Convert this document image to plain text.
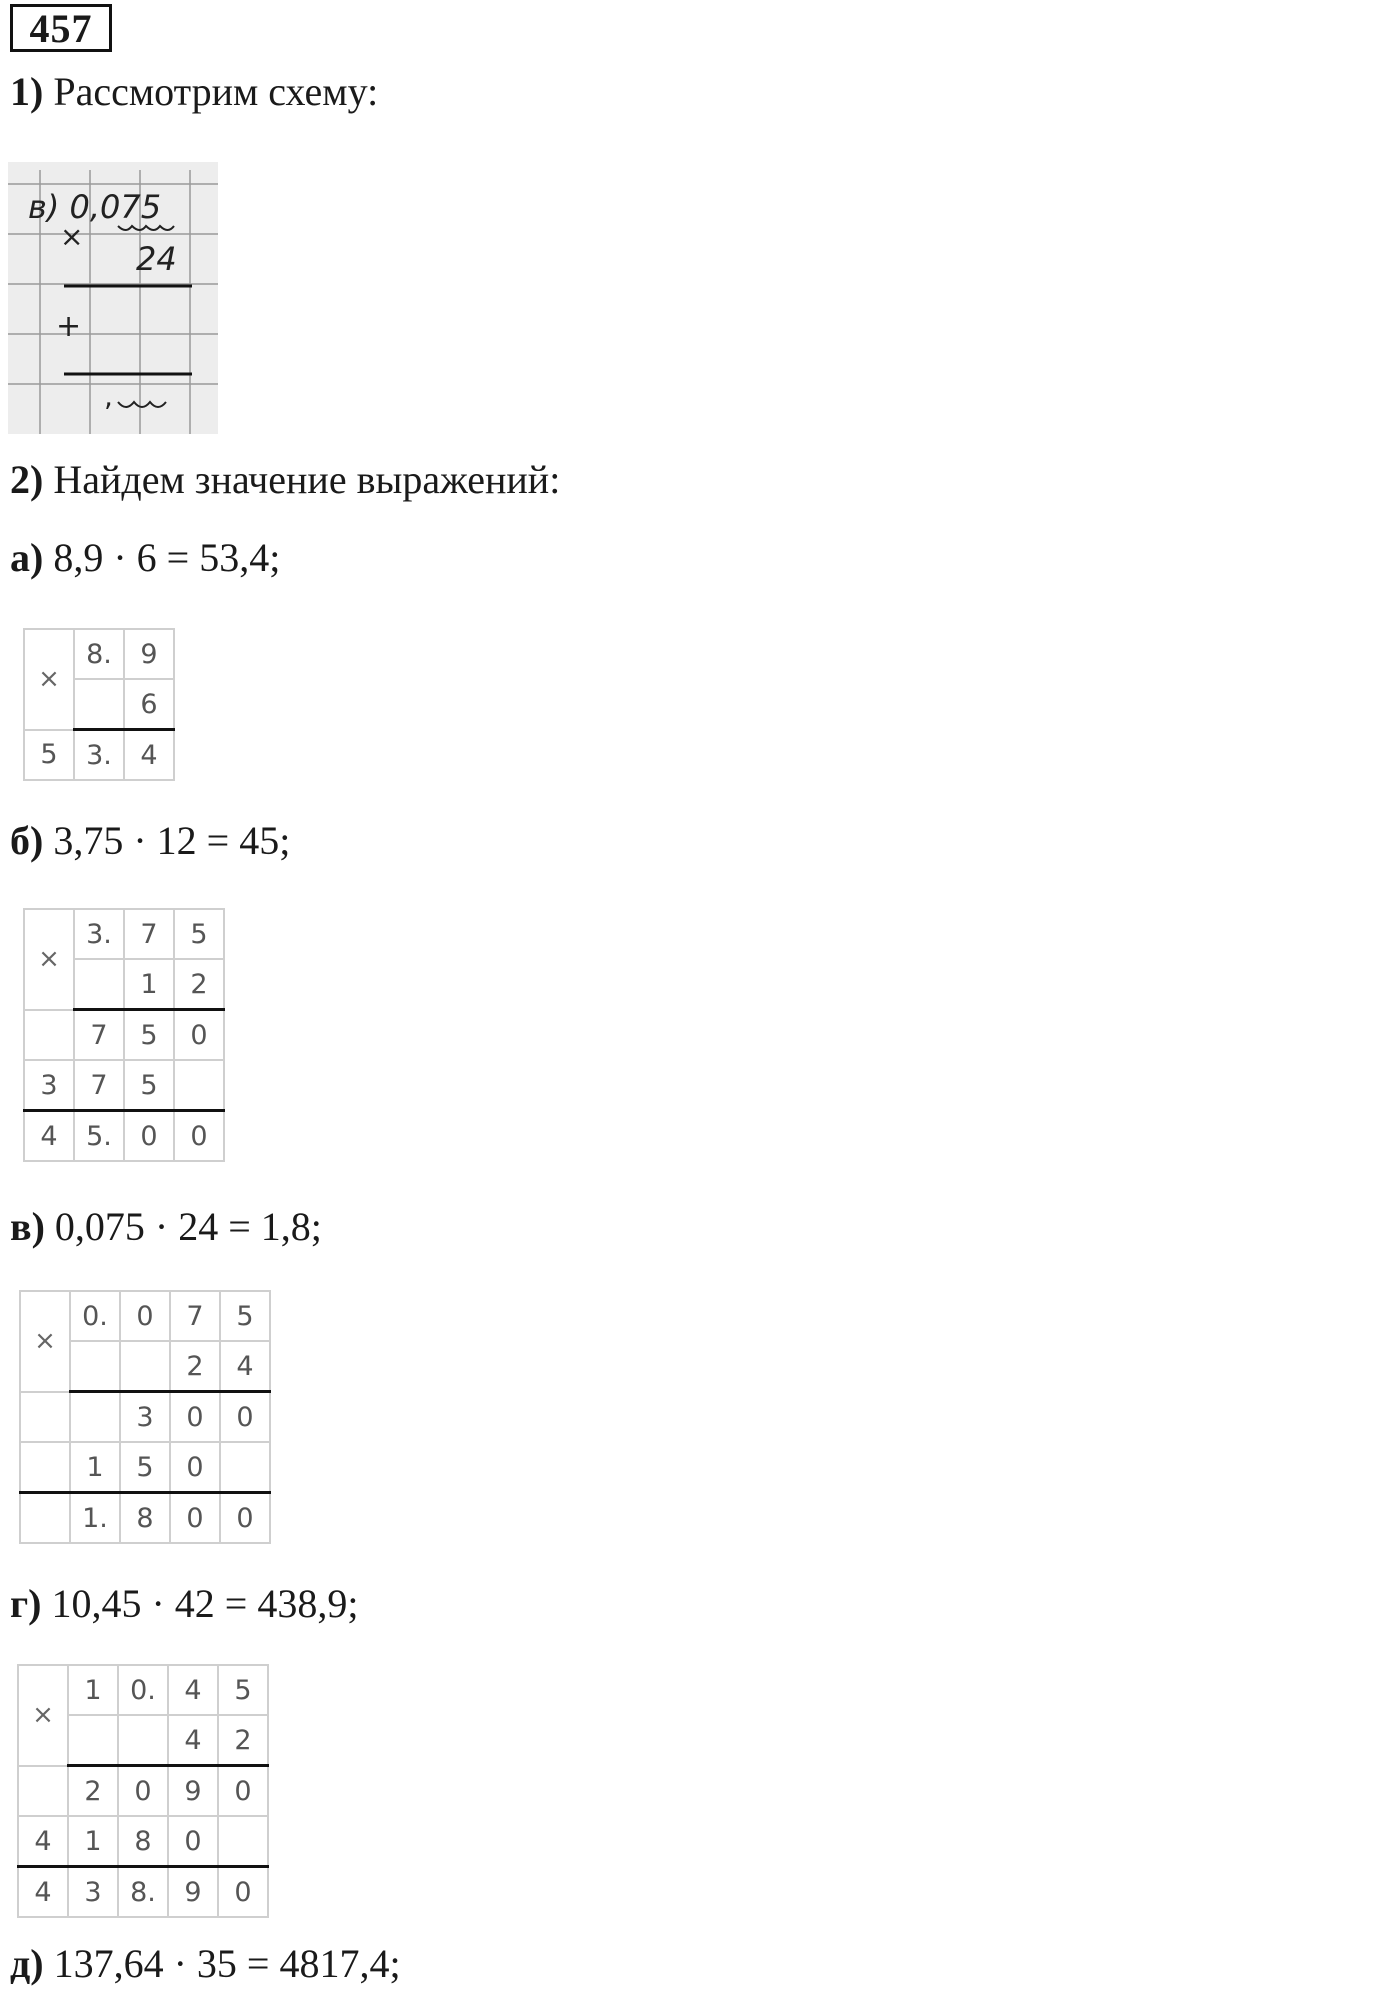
457
1) Рассмотрим схему:
в) 0,075
×
24
+
,
2) Найдем значение выражений:
а) 8,9 · 6 = 53,4;
×	8.	9
		6
5	3.	4
б) 3,75 · 12 = 45;
×	3.	7	5
		1	2
	7	5	0
3	7	5	
4	5.	0	0
в) 0,075 · 24 = 1,8;
×	0.	0	7	5
			2	4
		3	0	0
	1	5	0	
	1.	8	0	0
г) 10,45 · 42 = 438,9;
×	1	0.	4	5
			4	2
	2	0	9	0
4	1	8	0	
4	3	8.	9	0
д) 137,64 · 35 = 4817,4;
